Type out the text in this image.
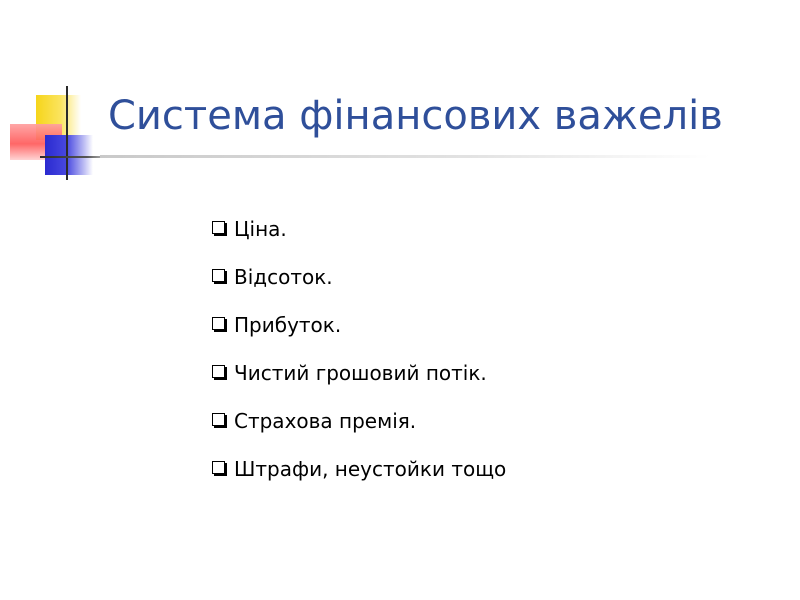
Система фінансових важелів
Ціна.
Відсоток.
Прибуток.
Чистий грошовий потік.
Страхова премія.
Штрафи, неустойки тощо
